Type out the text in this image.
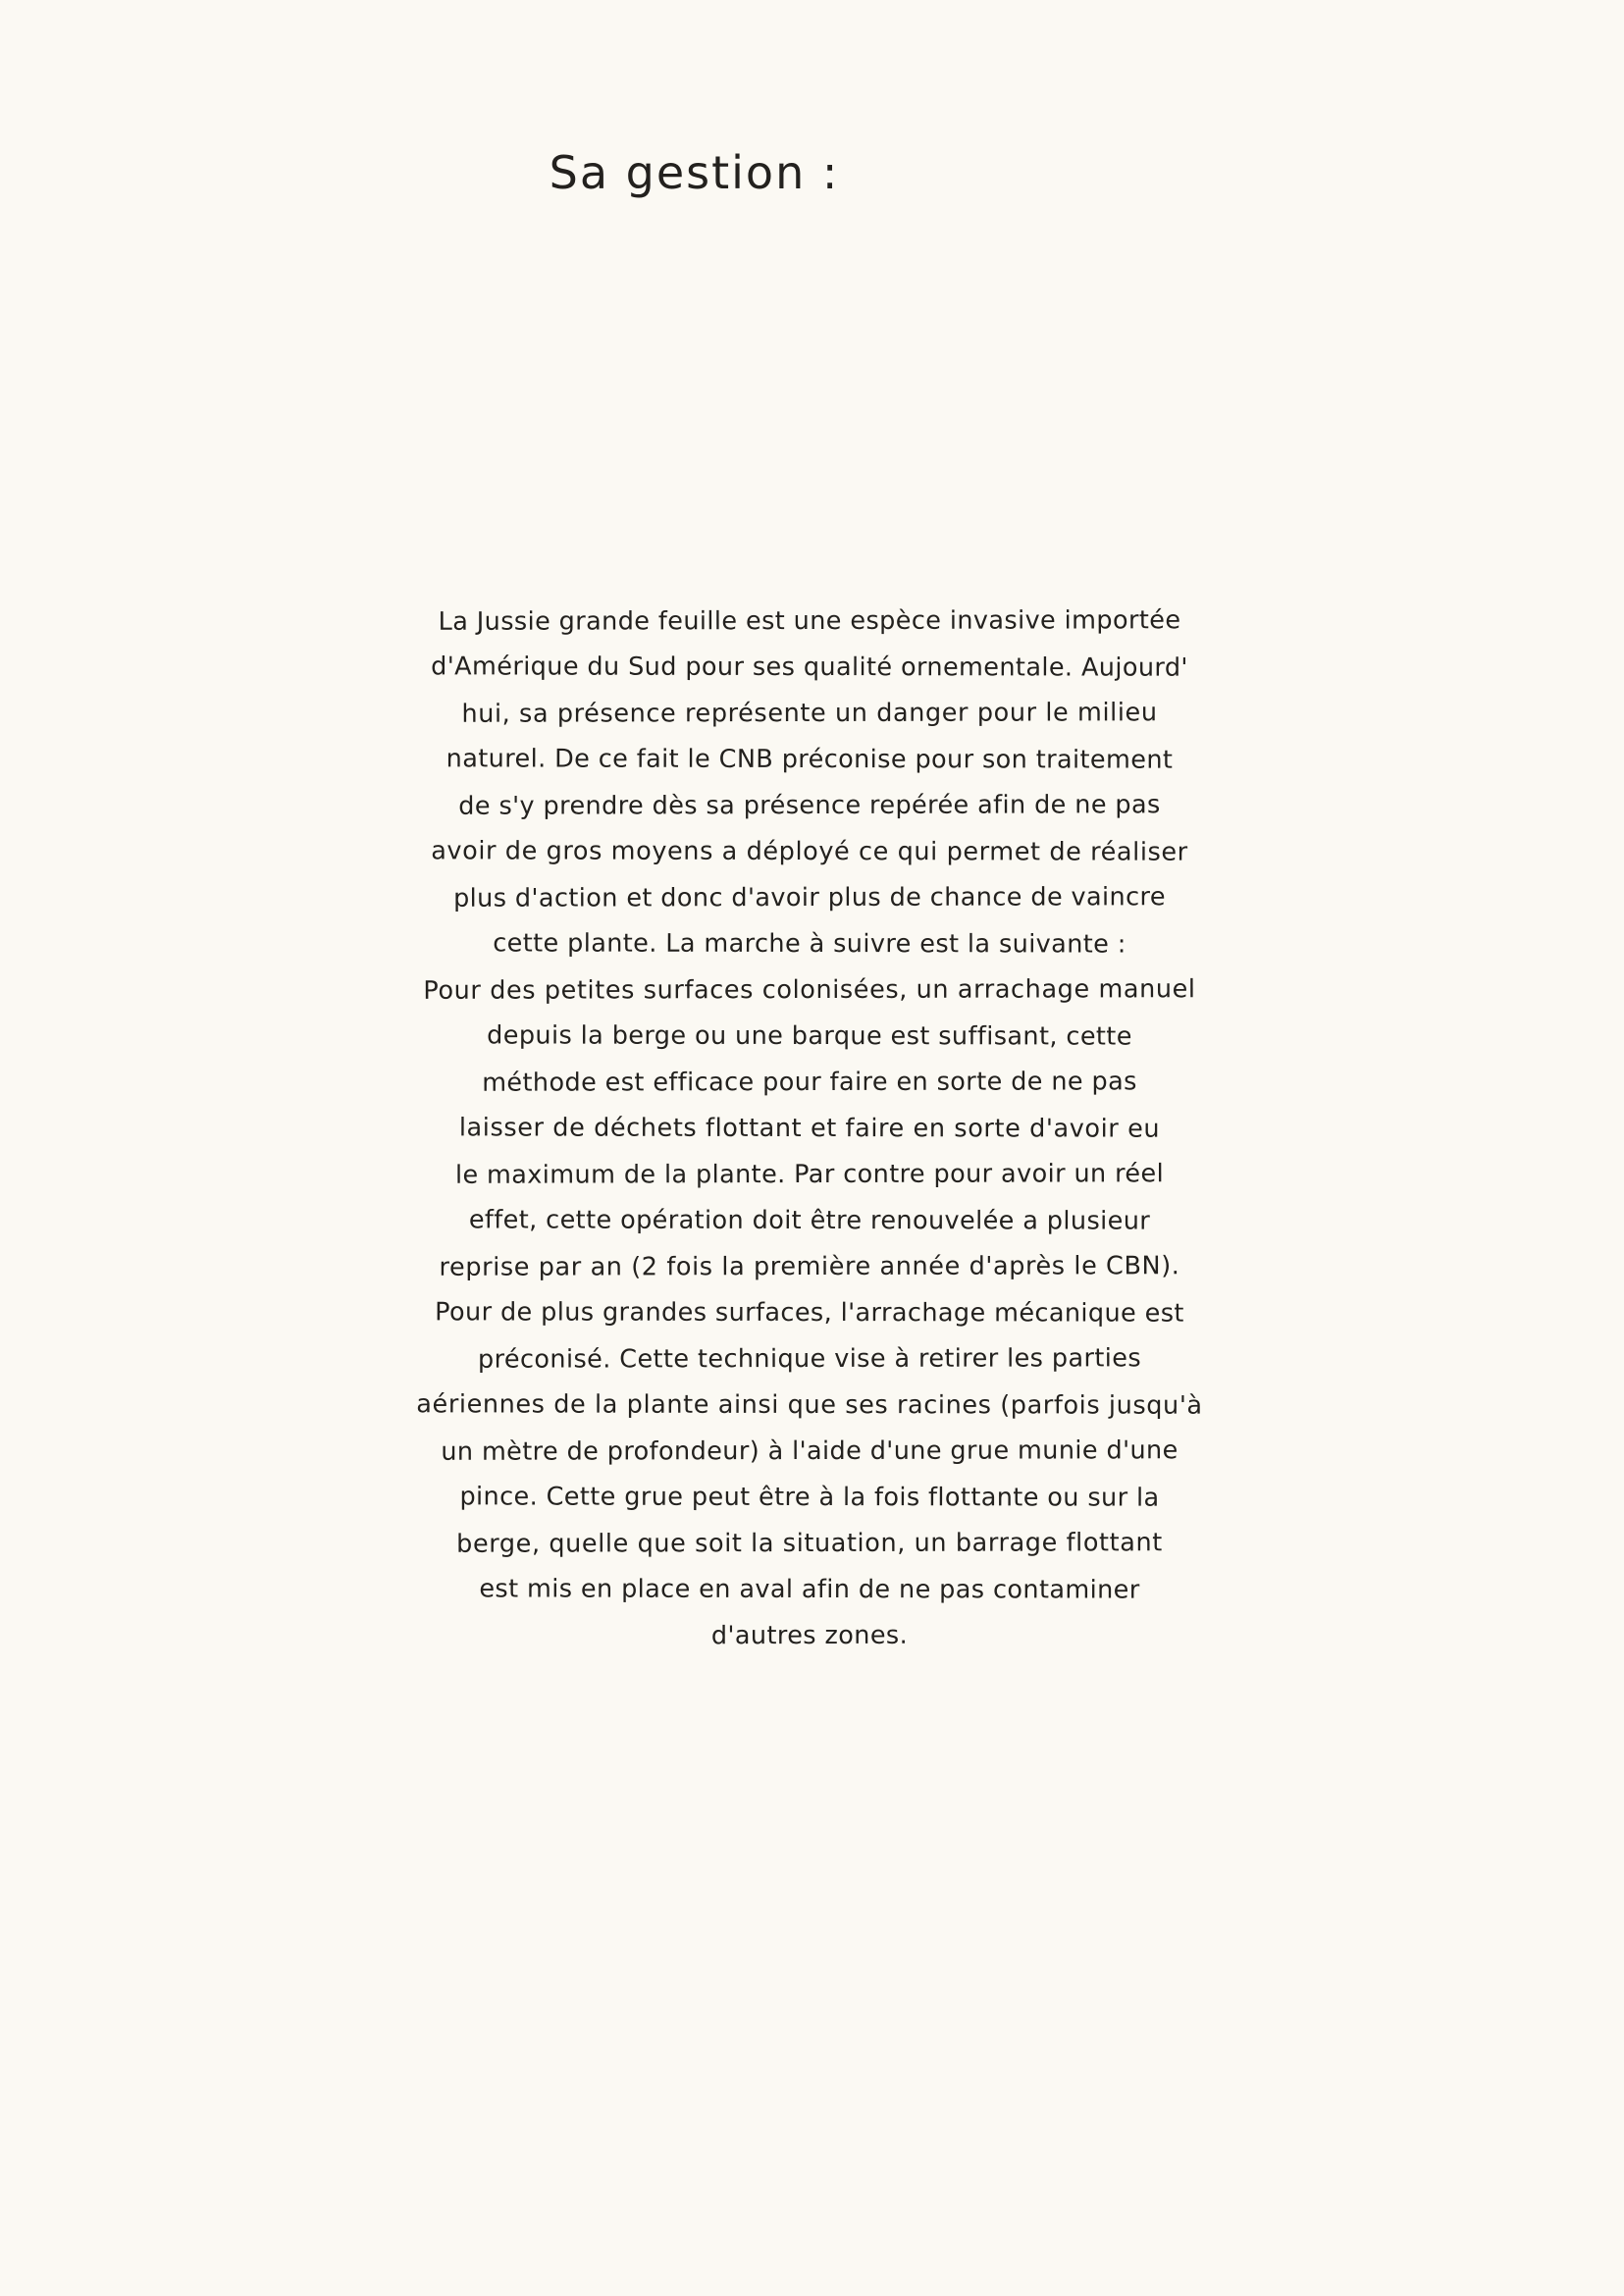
Sa gestion :
La Jussie grande feuille est une espèce invasive importée
d'Amérique du Sud pour ses qualité ornementale. Aujourd'
hui, sa présence représente un danger pour le milieu
naturel. De ce fait le CNB préconise pour son traitement
de s'y prendre dès sa présence repérée afin de ne pas
avoir de gros moyens a déployé ce qui permet de réaliser
plus d'action et donc d'avoir plus de chance de vaincre
cette plante. La marche à suivre est la suivante :
Pour des petites surfaces colonisées, un arrachage manuel
depuis la berge ou une barque est suffisant, cette
méthode est efficace pour faire en sorte de ne pas
laisser de déchets flottant et faire en sorte d'avoir eu
le maximum de la plante. Par contre pour avoir un réel
effet, cette opération doit être renouvelée a plusieur
reprise par an (2 fois la première année d'après le CBN).
Pour de plus grandes surfaces, l'arrachage mécanique est
préconisé. Cette technique vise à retirer les parties
aériennes de la plante ainsi que ses racines (parfois jusqu'à
un mètre de profondeur) à l'aide d'une grue munie d'une
pince. Cette grue peut être à la fois flottante ou sur la
berge, quelle que soit la situation, un barrage flottant
est mis en place en aval afin de ne pas contaminer
d'autres zones.
